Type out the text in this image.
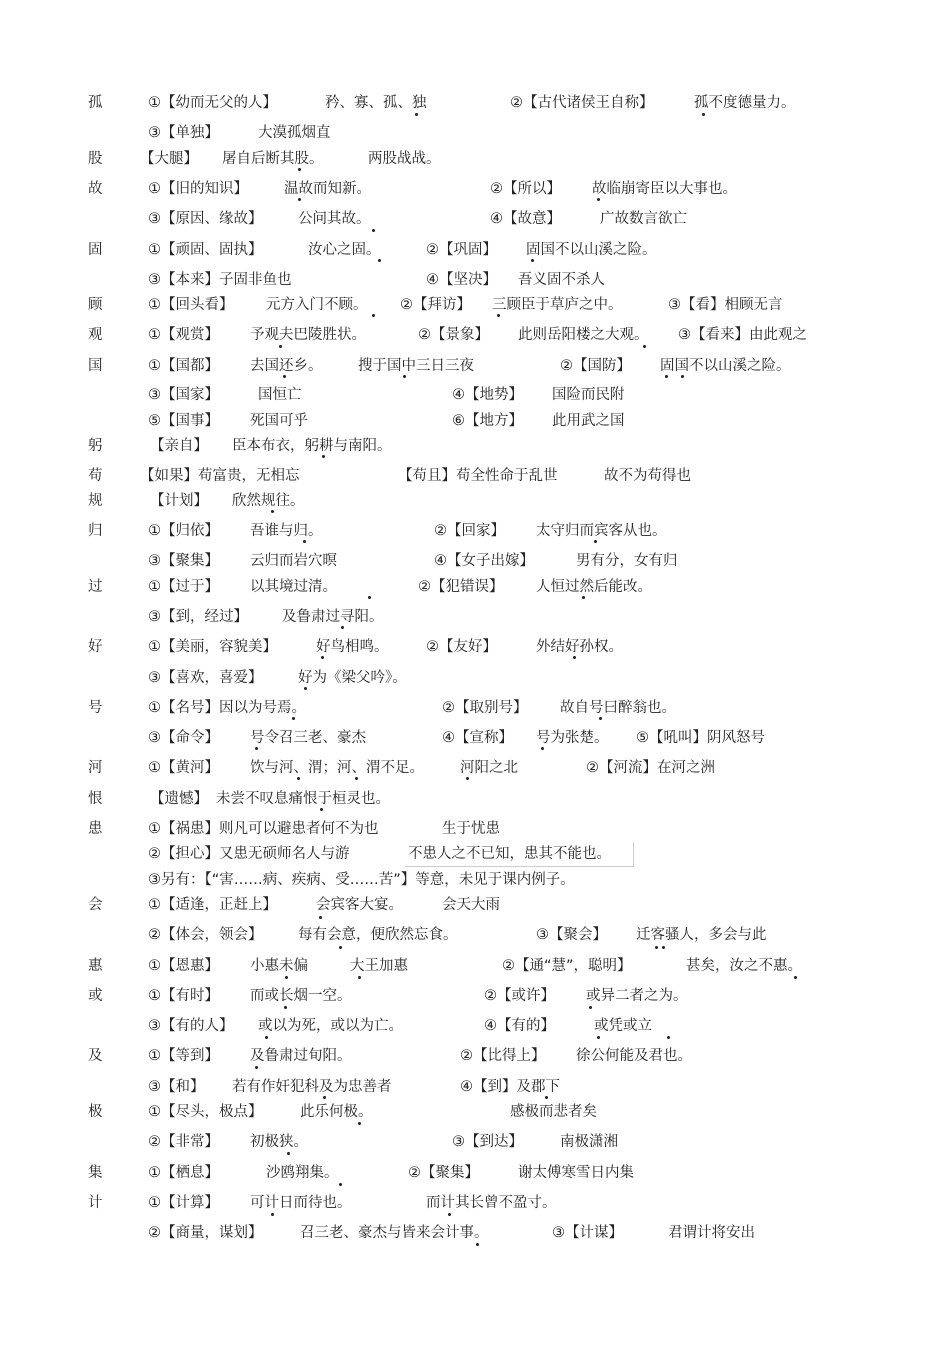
孤	①【幼而无父的人】	矜、寡、孤、独	②【古代诸侯王自称】	孤不度德量力。
③【单独】	大漠孤烟直
股	【大腿】 屠自后断其股。	两股战战。
故	①【旧的知识】 温故而知新。	②【所以】 故临崩寄臣以大事也。
③【原因、缘故】 公问其故。	④【故意】	广故数言欲亡
固	①【顽固、固执】	汝心之固。	②【巩固】 固国不以山溪之险。
③【本来】子固非鱼也	④【坚决】 吾义固不杀人
顾	①【回头看】 元方入门不顾。 ②【拜访】 三顾臣于草庐之中。	③【看】相顾无言
观	①【观赏】 予观夫巴陵胜状。	②【景象】 此则岳阳楼之大观。 ③【看来】由此观之
国	①【国都】 去国还乡。 搜于国中三日三夜	②【国防】 固国不以山溪之险。
③【国家】	国恒亡	④【地势】 国险而民附
⑤【国事】 死国可乎	⑥【地方】 此用武之国
躬	【亲自】 臣本布衣，躬耕与南阳。
苟	【如果】苟富贵，无相忘	【苟且】苟全性命于乱世	故不为苟得也
规	【计划】 欣然规往。
归	①【归依】 吾谁与归。	②【回家】 太守归而宾客从也。
③【聚集】 云归而岩穴暝	④【女子出嫁】	男有分，女有归
过	①【过于】 以其境过清。	②【犯错误】 人恒过然后能改。
③【到，经过】 及鲁肃过寻阳。
好	①【美丽，容貌美】	好鸟相鸣。	②【友好】	外结好孙权。
③【喜欢，喜爱】 好为《梁父吟》。
号	①【名号】因以为号焉。	②【取别号】 故自号曰醉翁也。
③【命令】 号令召三老、豪杰	④【宣称】 号为张楚。 ⑤【吼叫】阴风怒号
河	①【黄河】 饮与河、渭；河、渭不足。 河阳之北	②【河流】在河之洲
恨	【遗憾】 未尝不叹息痛恨于桓灵也。
患	①【祸患】则凡可以避患者何不为也	生于忧患
②【担心】又患无硕师名人与游	不患人之不已知，患其不能也。
③另有：【“害……病、疾病、受……苦”】等意，未见于课内例子。
会	①【适逢，正赶上】	会宾客大宴。	会天大雨
②【体会，领会】 每有会意，便欣然忘食。	③【聚会】 迁客骚人，多会与此
惠	①【恩惠】 小惠未偏	大王加惠	②【通“慧”，聪明】	甚矣，汝之不惠。
或	①【有时】 而或长烟一空。	②【或许】 或异二者之为。
③【有的人】 或以为死，或以为亡。	④【有的】	或凭或立
及	①【等到】 及鲁肃过旬阳。	②【比得上】 徐公何能及君也。
③【和】 若有作奸犯科及为忠善者	④【到】及郡下
极	①【尽头，极点】	此乐何极。	感极而悲者矣
②【非常】 初极狭。	③【到达】	南极潇湘
集	①【栖息】	沙鸥翔集。	②【聚集】	谢太傅寒雪日内集
计	①【计算】 可计日而待也。	而计其长曾不盈寸。
②【商量，谋划】	召三老、豪杰与皆来会计事。	③【计谋】	君谓计将安出
